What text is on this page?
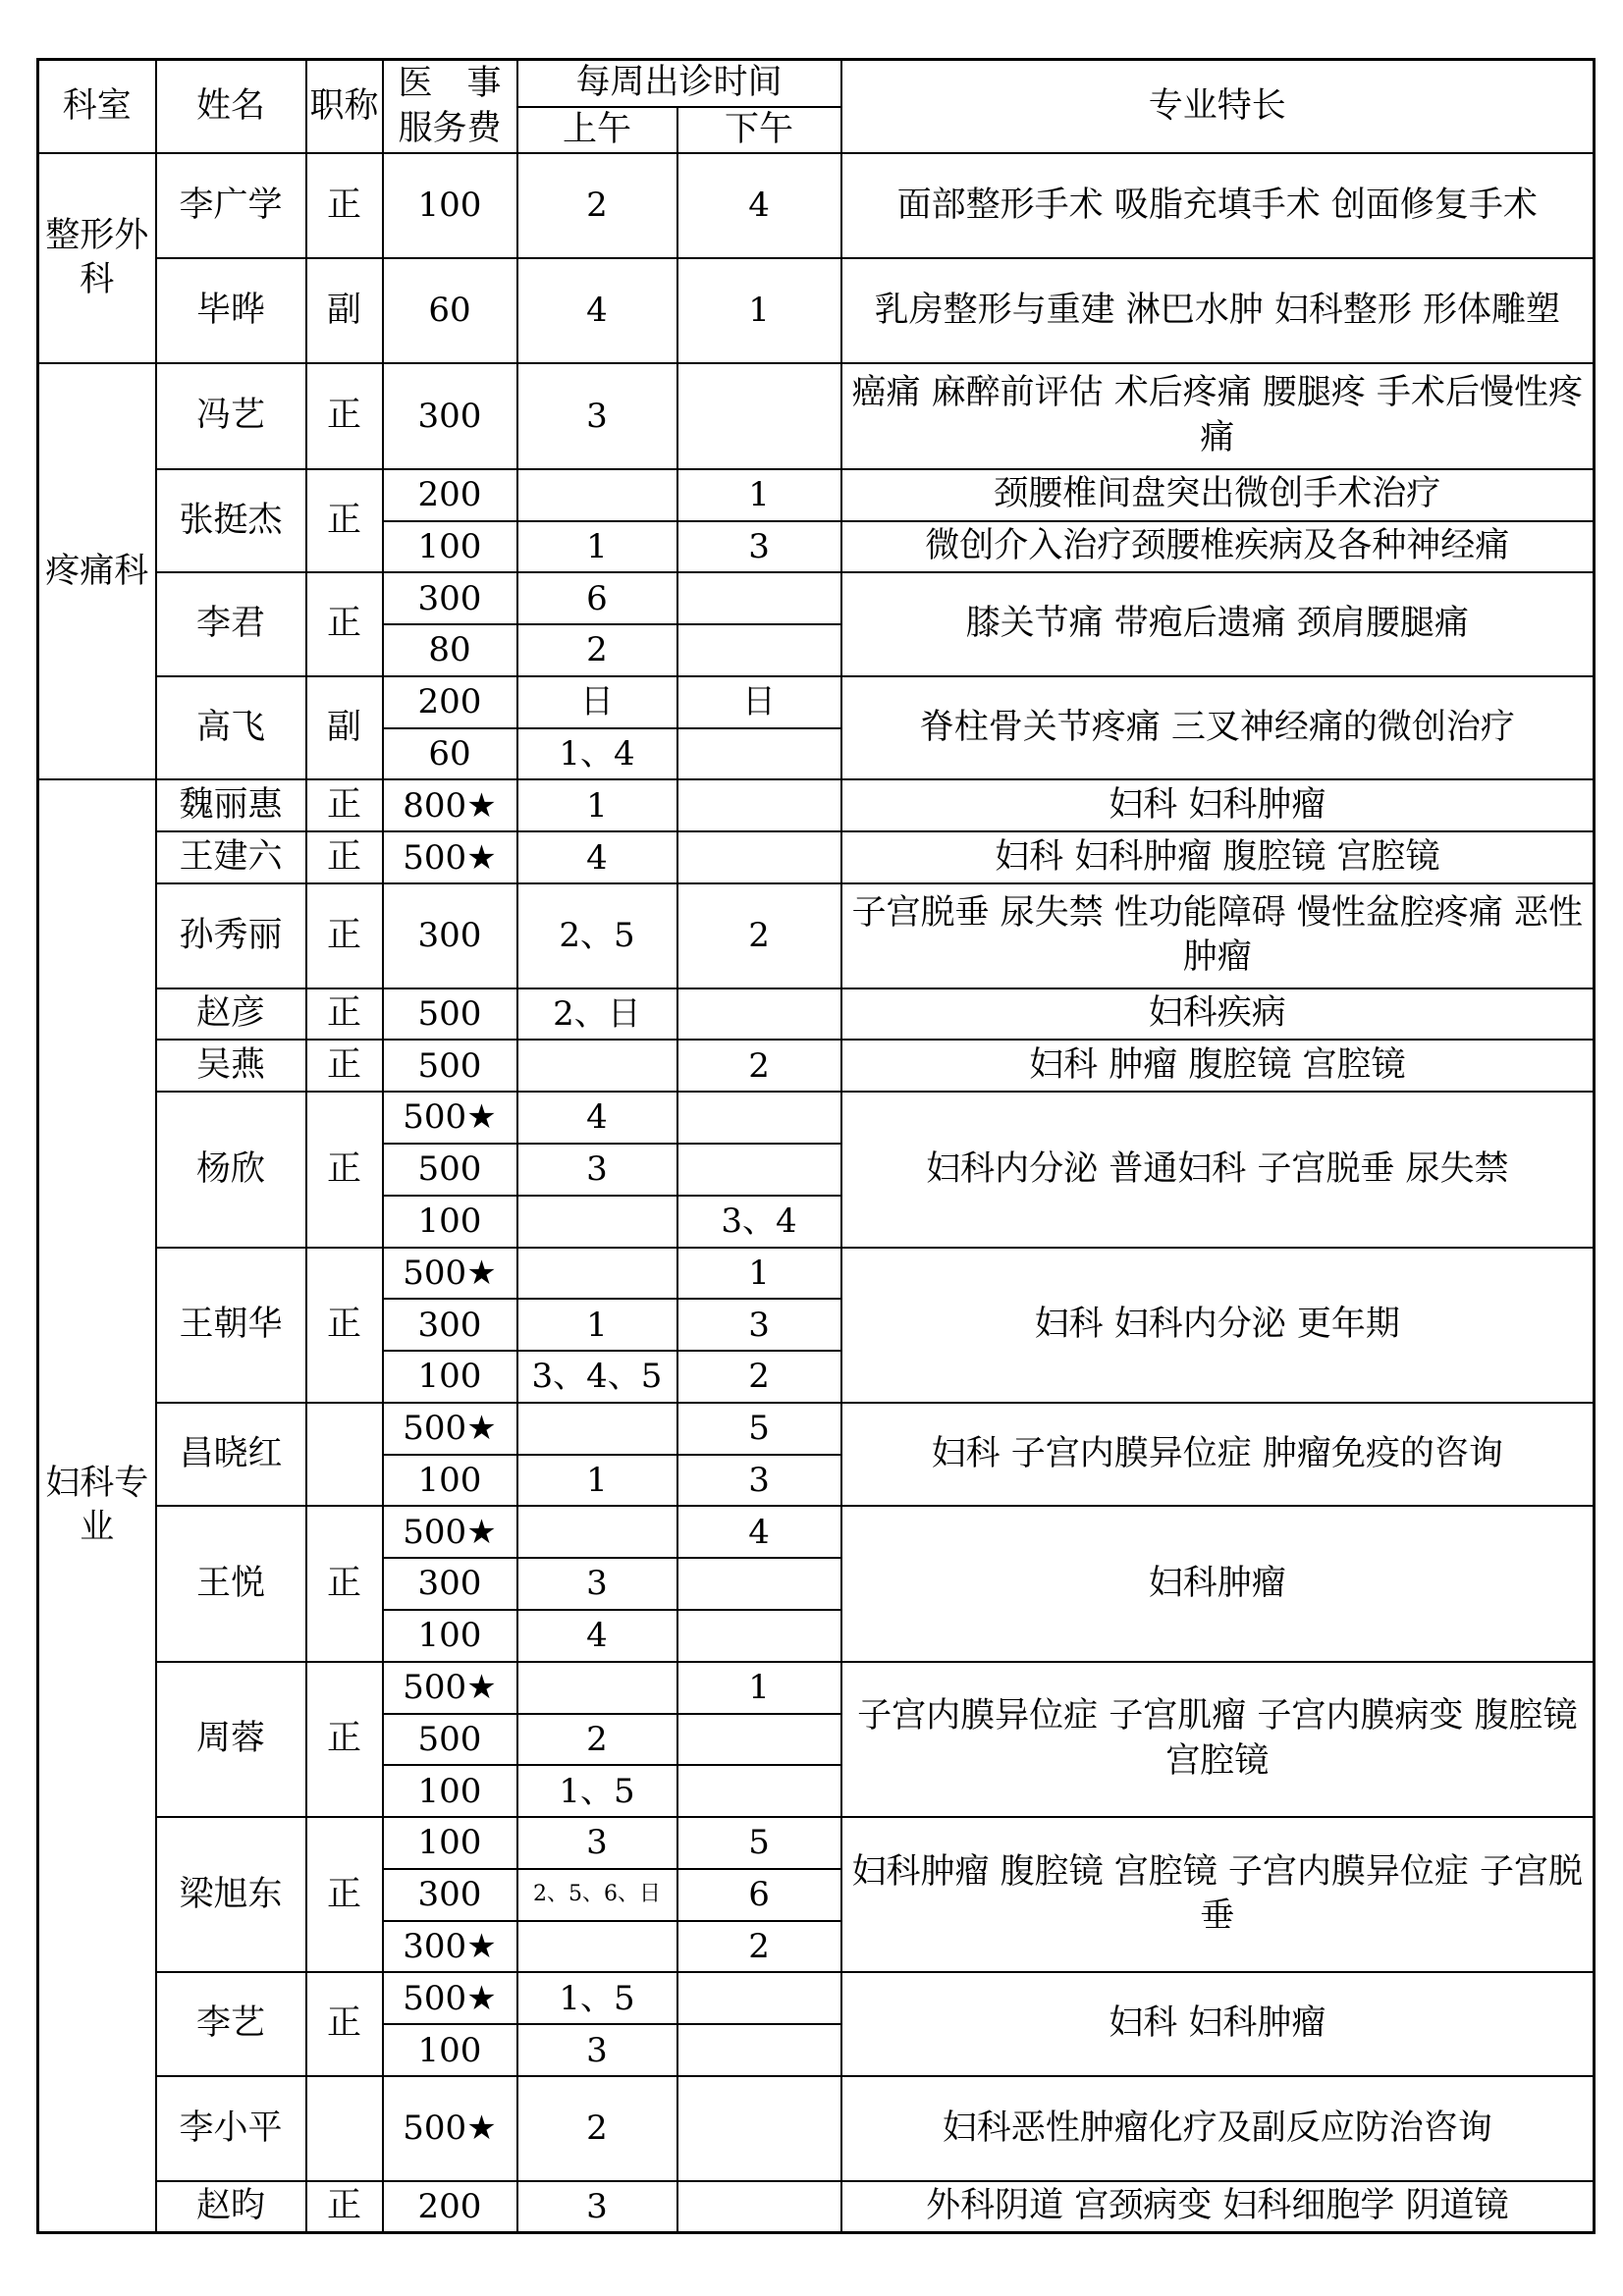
科室	姓名	职称	医　事
服务费	每周出诊时间		专业特长
				上午	下午	
整形外科	李广学	正	100	2	4	面部整形手术 吸脂充填手术 创面修复手术
	毕晔	副	60	4	1	乳房整形与重建 淋巴水肿 妇科整形 形体雕塑
疼痛科	冯艺	正	300	3		癌痛 麻醉前评估 术后疼痛 腰腿疼 手术后慢性疼痛
	张挺杰	正	200		1	颈腰椎间盘突出微创手术治疗
			100	1	3	微创介入治疗颈腰椎疾病及各种神经痛
	李君	正	300	6		膝关节痛 带疱后遗痛 颈肩腰腿痛
			80	2		
	高飞	副	200	日	日	脊柱骨关节疼痛 三叉神经痛的微创治疗
			60	1、4		
妇科专业	魏丽惠	正	800★	1		妇科 妇科肿瘤
	王建六	正	500★	4		妇科 妇科肿瘤 腹腔镜 宫腔镜
	孙秀丽	正	300	2、5	2	子宫脱垂 尿失禁 性功能障碍 慢性盆腔疼痛 恶性肿瘤
	赵彦	正	500	2、日		妇科疾病
	吴燕	正	500		2	妇科 肿瘤 腹腔镜 宫腔镜
	杨欣	正	500★	4		妇科内分泌 普通妇科 子宫脱垂 尿失禁
			500	3		
			100		3、4	
	王朝华	正	500★		1	妇科 妇科内分泌 更年期
			300	1	3	
			100	3、4、5	2	
	昌晓红		500★		5	妇科 子宫内膜异位症 肿瘤免疫的咨询
			100	1	3	
	王悦	正	500★		4	妇科肿瘤
			300	3		
			100	4		
	周蓉	正	500★		1	子宫内膜异位症 子宫肌瘤 子宫内膜病变 腹腔镜 宫腔镜
			500	2		
			100	1、5		
	梁旭东	正	100	3	5	妇科肿瘤 腹腔镜 宫腔镜 子宫内膜异位症 子宫脱垂
			300	2、5、6、日	6	
			300★		2	
	李艺	正	500★	1、5		妇科 妇科肿瘤
			100	3		
	李小平		500★	2		妇科恶性肿瘤化疗及副反应防治咨询
	赵昀	正	200	3		外科阴道 宫颈病变 妇科细胞学 阴道镜
